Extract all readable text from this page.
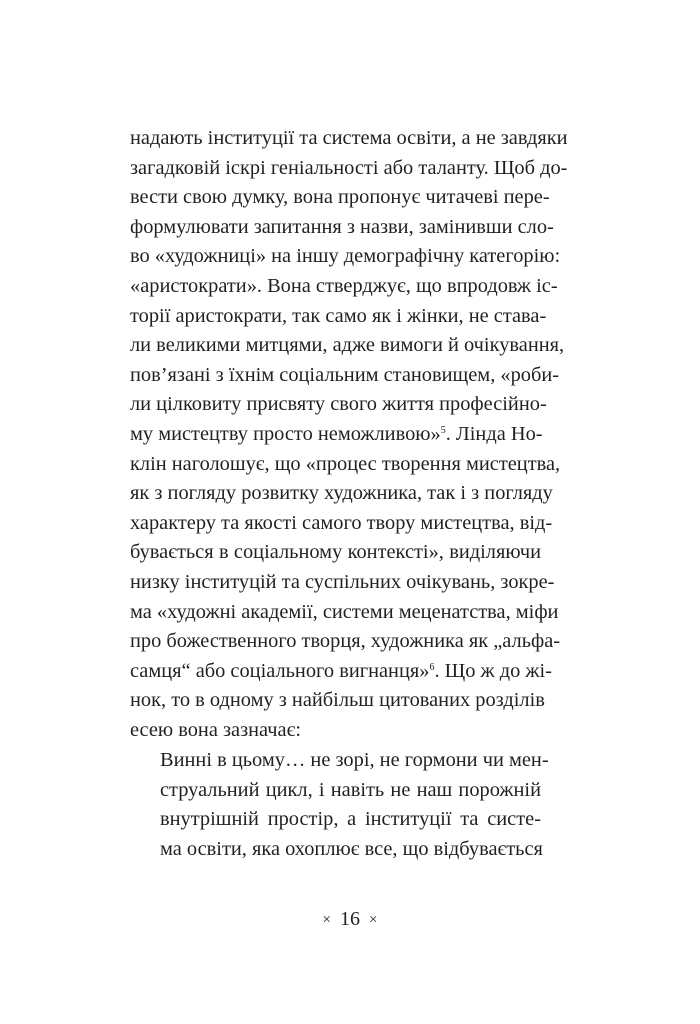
надають інституції та система освіти, а не завдяки
загадковій іскрі геніальності або таланту. Щоб до-
вести свою думку, вона пропонує читачеві пере-
формулювати запитання з назви, замінивши сло-
во «художниці» на іншу демографічну категорію:
«аристократи». Вона стверджує, що впродовж іс-
торії аристократи, так само як і жінки, не става-
ли великими митцями, адже вимоги й очікування,
пов’язані з їхнім соціальним становищем, «роби-
ли цілковиту присвяту свого життя професійно-
му мистецтву просто неможливою»$^5$. Лінда Но-
клін наголошує, що «процес творення мистецтва,
як з погляду розвитку художника, так і з погляду
характеру та якості самого твору мистецтва, від-
бувається в соціальному контексті», виділяючи
низку інституцій та суспільних очікувань, зокре-
ма «художні академії, системи меценатства, міфи
про божественного творця, художника як „альфа-
самця“ або соціального вигнанця»$^6$. Що ж до жі-
нок, то в одному з найбільш цитованих розділів
есею вона зазначає:
Винні в цьому… не зорі, не гормони чи мен-
струальний цикл, і навіть не наш порожній
внутрішній простір, а інституції та систе-
ма освіти, яка охоплює все, що відбувається
× 16 ×
